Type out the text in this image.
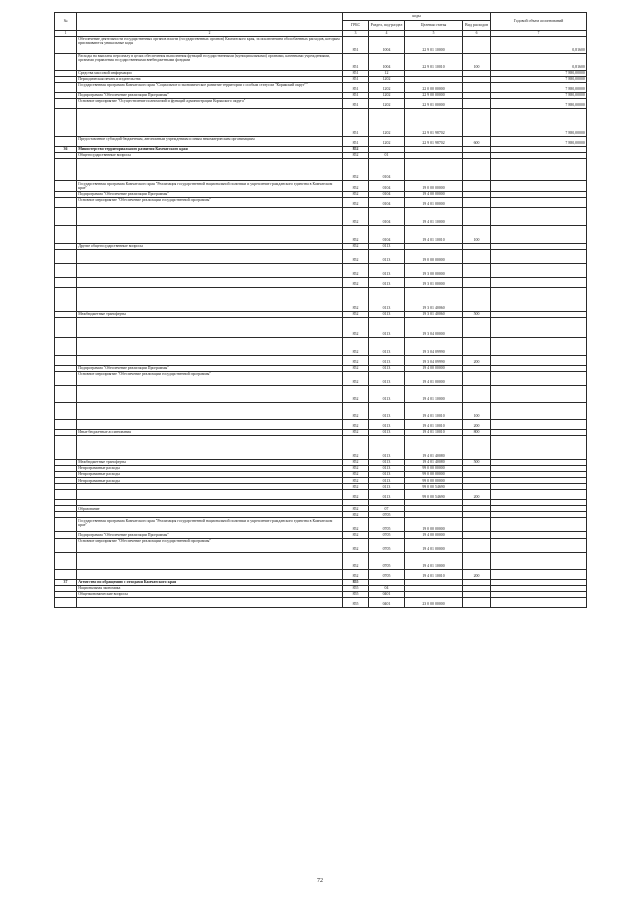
№		коды				Годовой объем ассигнований
		ГРБС	Раздел, под-раздел	Целевая статья	Вид расходов	
1	2	3	4	5	6	7
	Обеспечение деятельности государственных органов власти (государственных органов) Камчатского края, за исключением обособленных расходов, которым присваиваются уникальные коды	851	1004	22 9 01 10000		0,81600
	Расходы на выплаты персоналу в целях обеспечения выполнения функций государственными (муниципальными) органами, казенными учреждениями, органами управления государственными внебюджетными фондами	851	1004	22 9 01 10010	100	0,81600
	Средства массовой информации	851	12			7 880,00000
	Периодическая печать и издательства	851	1202			7 880,00000
	Государственная программа Камчатского края "Социальное и экономическое развитие территории с особым статусом "Корякский округ""	851	1202	22 0 00 00000		7 880,00000
	Подпрограмма "Обеспечение реализации Программы"	851	1202	22 9 00 00000		7 880,00000
	Основное мероприятие "Осуществление полномочий и функций администрации Корякского округа"	851	1202	22 9 01 00000		7 880,00000
		851	1202	22 9 01 98702		7 880,00000
	Предоставление субсидий бюджетным, автономным учреждениям и иным некоммерческим организациям	851	1202	22 9 01 98702	600	7 880,00000
36	Министерство территориального развития Камчатского края	852				
	Общегосударственные вопросы	852	01			
		852	0104			
	Государственная программа Камчатского края "Реализация государственной национальной политики и укрепление гражданского единства в Камчатском крае"	852	0104	19 0 00 00000		
	Подпрограмма "Обеспечение реализации Программы"	852	0104	19 4 00 00000		
	Основное мероприятие "Обеспечение реализации государственной программы"	852	0104	19 4 01 00000		
		852	0104	19 4 01 10000		
		852	0104	19 4 01 10010	100	
	Другие общегосударственные вопросы	852	0113			
		852	0113	19 0 00 00000		
		852	0113	19 3 00 00000		
		852	0113	19 3 01 00000		
		852	0113	19 3 01 40060		
	Межбюджетные трансферты	852	0113	19 3 01 40060	500	
		852	0113	19 3 04 00000		
		852	0113	19 3 04 09990		
		852	0113	19 3 04 09990	200	
	Подпрограмма "Обеспечение реализации Программы"	852	0113	19 4 00 00000		
	Основное мероприятие "Обеспечение реализации государственной программы"	852	0113	19 4 01 00000		
		852	0113	19 4 01 10000		
		852	0113	19 4 01 10010	100	
		852	0113	19 4 01 10010	200	
	Иные бюджетные ассигнования	852	0113	19 4 01 10010	800	
		852	0113	19 4 01 40080		
	Межбюджетные трансферты	852	0113	19 4 01 40080	500	
	Непрограммные расходы	852	0113	99 0 00 00000		
	Непрограммные расходы	852	0113	99 0 00 00000		
	Непрограммные расходы	852	0113	99 0 00 00000		
		852	0113	99 0 00 54690		
		852	0113	99 0 00 54690	200	

	Образование	852	07			
		852	0705			
	Государственная программа Камчатского края "Реализация государственной национальной политики и укрепление гражданского единства в Камчатском крае"	852	0705	19 0 00 00000		
	Подпрограмма "Обеспечение реализации Программы"	852	0705	19 4 00 00000		
	Основное мероприятие "Обеспечение реализации государственной программы"	852	0705	19 4 01 00000		
		852	0705	19 4 01 10000		
		852	0705	19 4 01 10010	200	
37	Агентство по обращению с отходами Камчатского края	855				
	Национальная экономика	855	04			
	Общеэкономические вопросы	855	0401			
		855	0401	23 0 00 00000		
72
